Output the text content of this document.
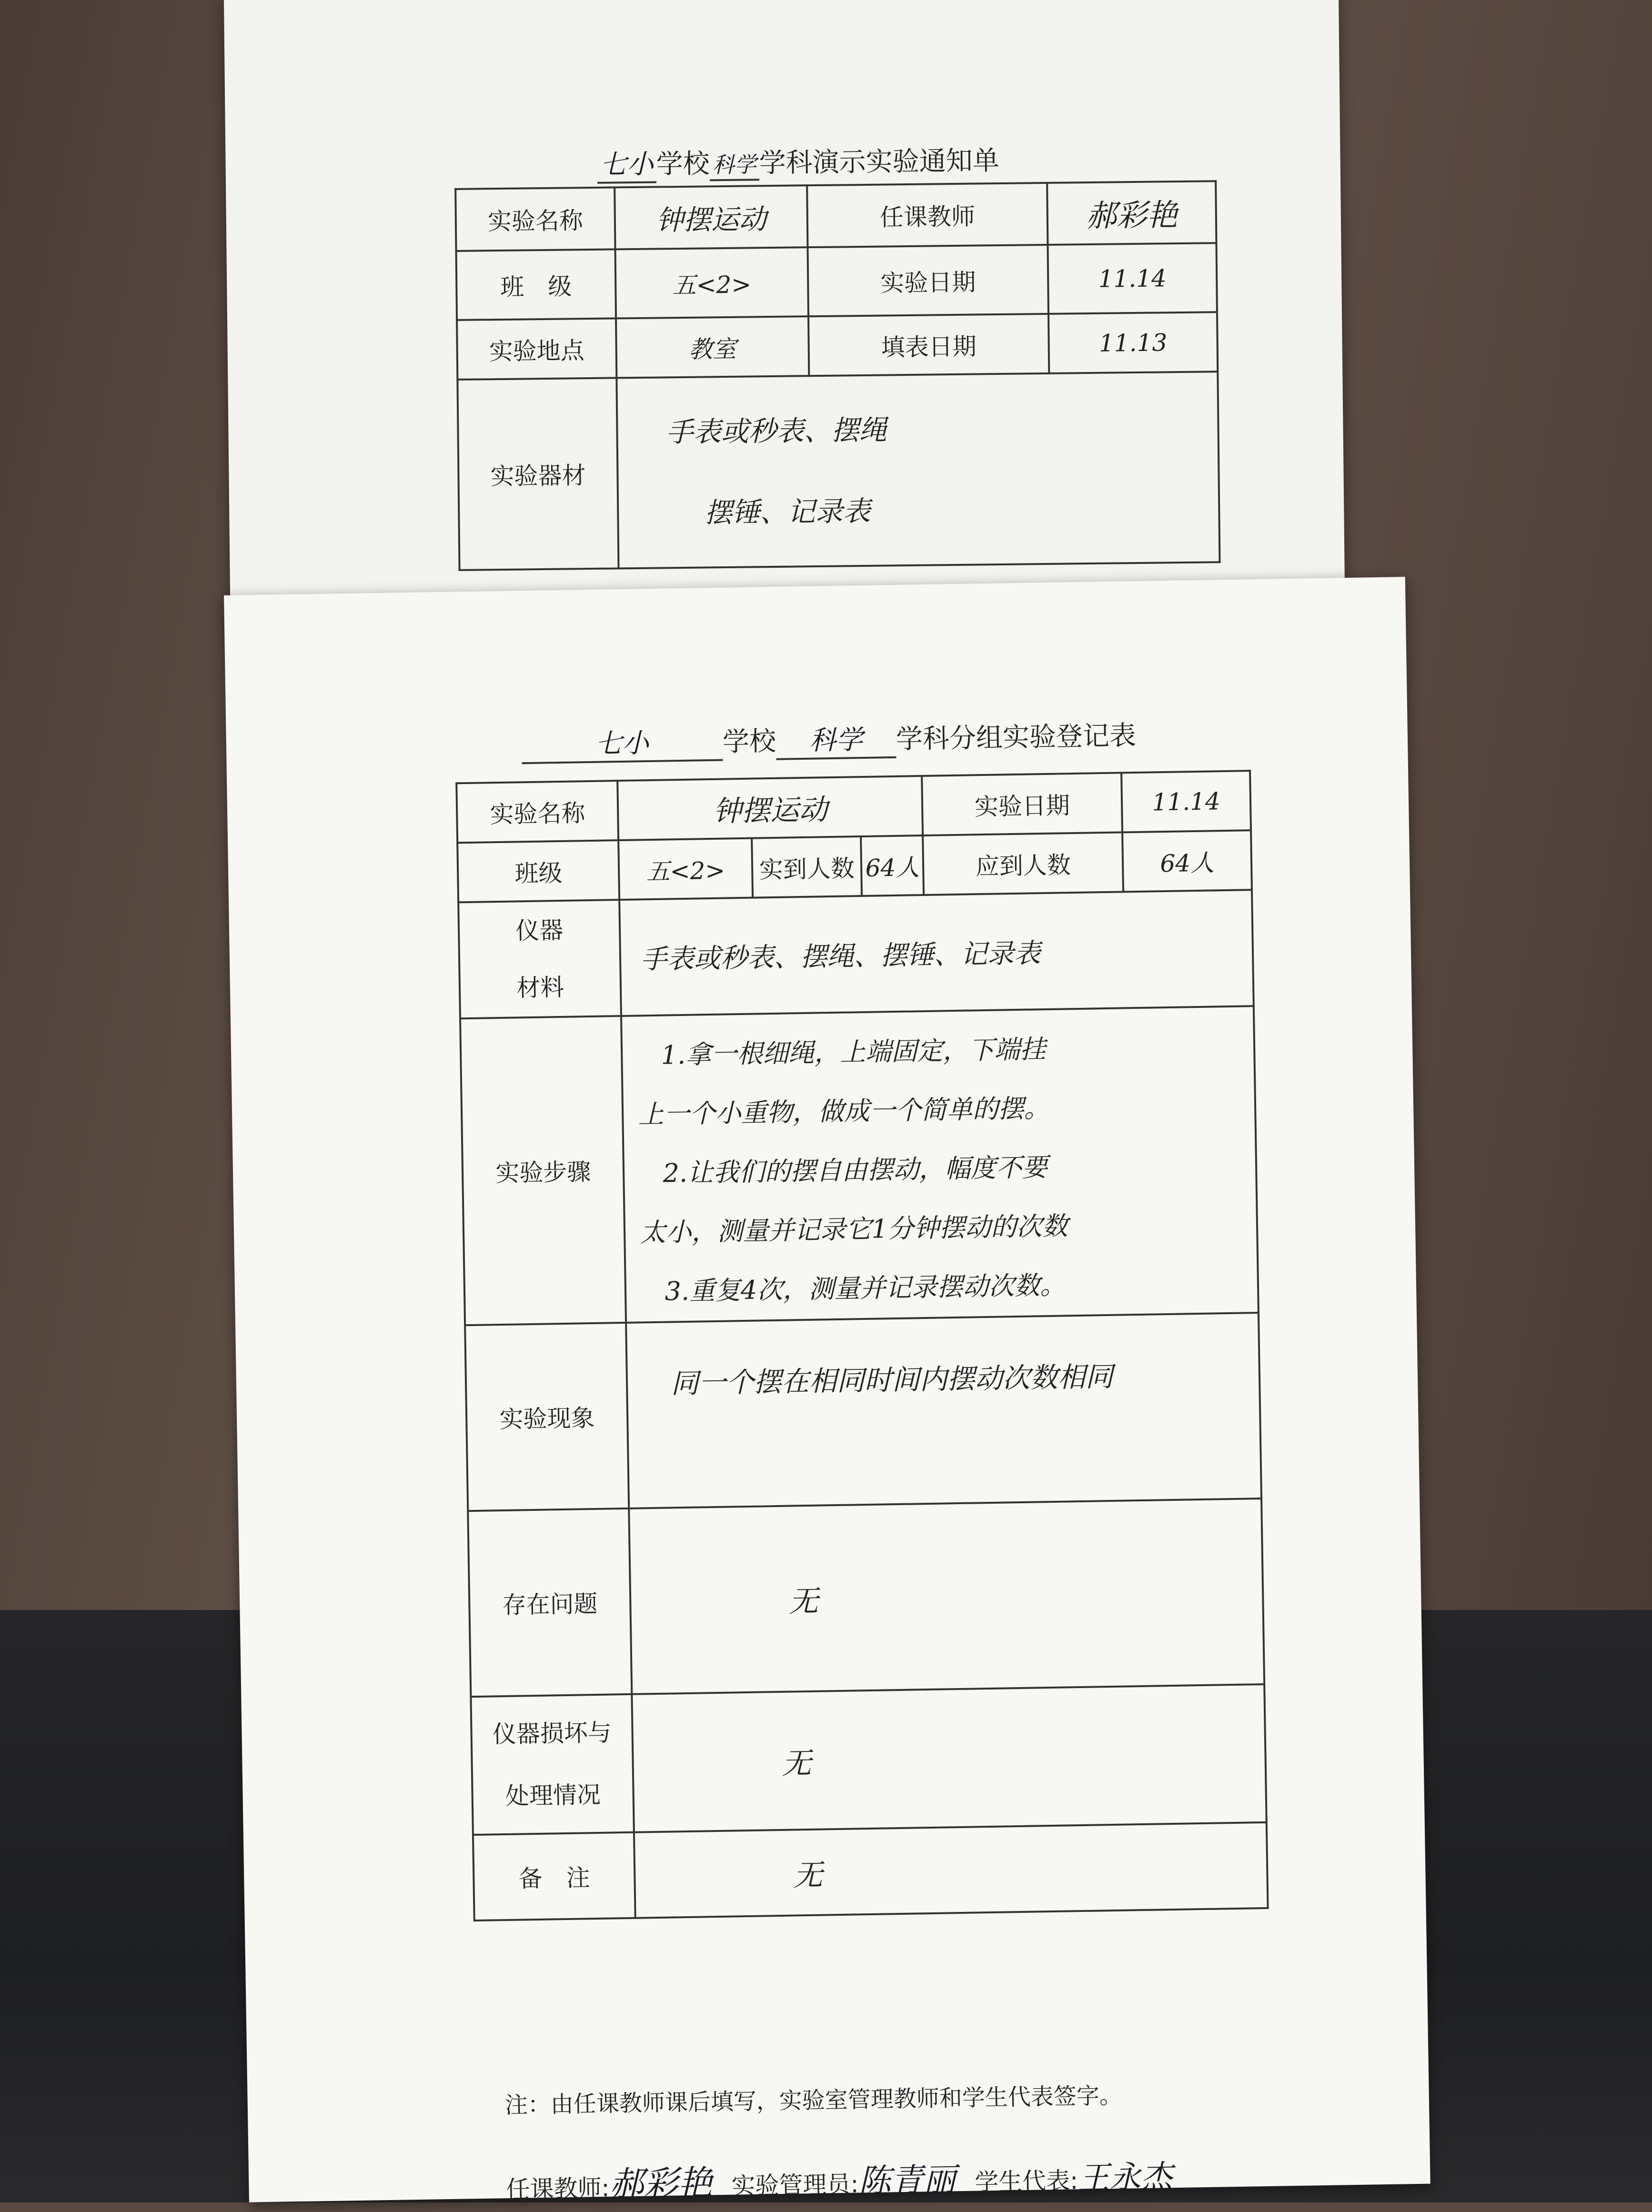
七小学校 科学学科演示实验通知单
实验名称	钟摆运动	任课教师	郝彩艳
班　级	五<2>	实验日期	11.14
实验地点	教室	填表日期	11.13
实验器材	手表或秒表、摆绳
摆锤、记录表		
七小	学校 科学 学科分组实验登记表
实验名称	钟摆运动			实验日期	11.14
班级	五<2>	实到人数	64人	应到人数	64人

仪器
材料	手表或秒表、摆绳、摆锤、记录表				
实验步骤	1.拿一根细绳，上端固定，下端挂
上一个小重物，做成一个简单的摆。
2.让我们的摆自由摆动，幅度不要
太小，测量并记录它1分钟摆动的次数
3.重复4次，测量并记录摆动次数。				

实验现象	同一个摆在相同时间内摆动次数相同				
存在问题	无				

仪器损坏与
处理情况	无				
备　注	无				
注：由任课教师课后填写，实验室管理教师和学生代表签字。
任课教师:郝彩艳 实验管理员:陈青丽 学生代表:王永杰
